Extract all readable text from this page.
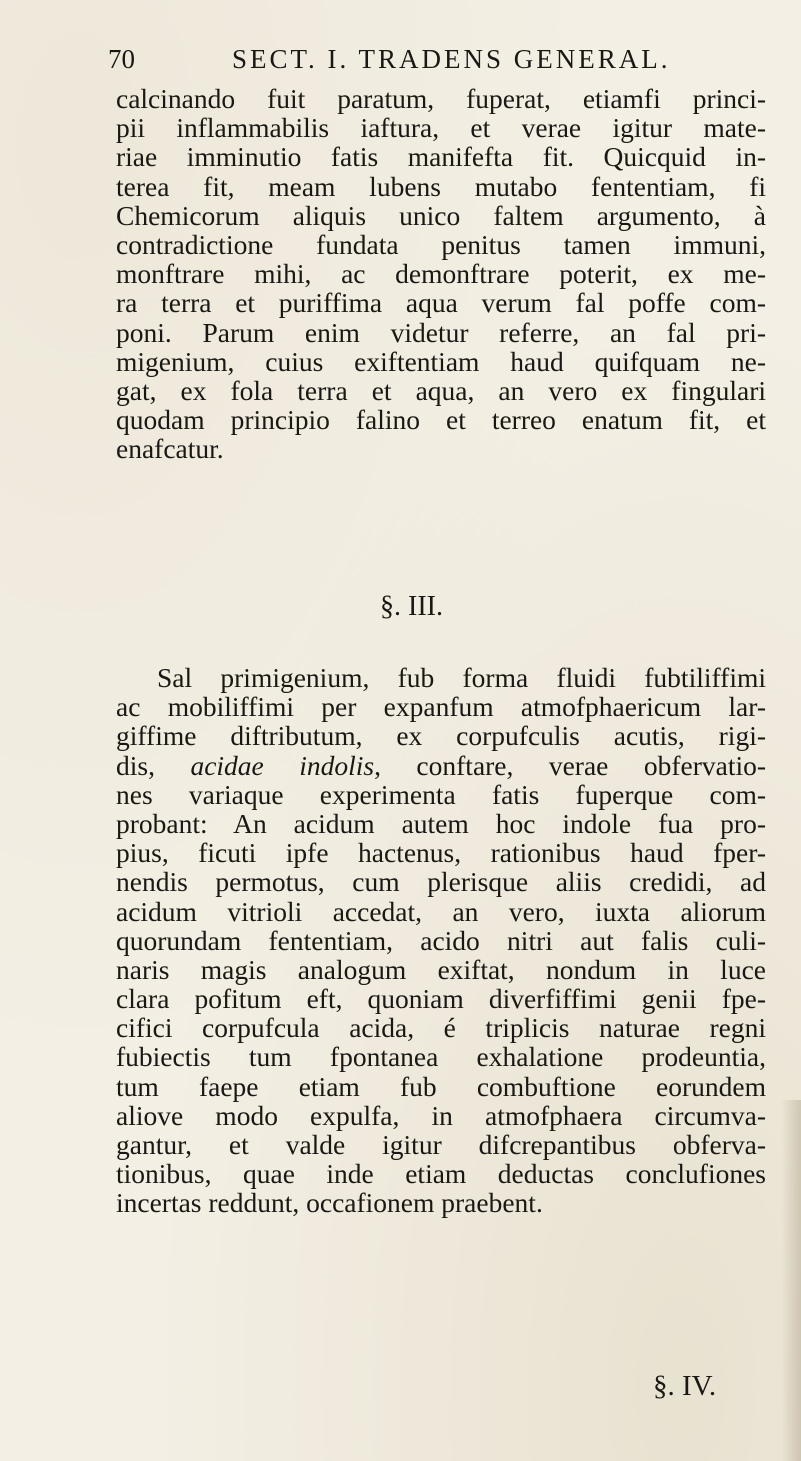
70	SECT. I. TRADENS GENERAL.
calcinando fuit paratum, fuperat, etiamfi princi-
pii inflammabilis iaftura, et verae igitur mate-
riae imminutio fatis manifefta fit. Quicquid in-
terea fit, meam lubens mutabo fententiam, fi
Chemicorum aliquis unico faltem argumento, à
contradictione fundata penitus tamen immuni,
monftrare mihi, ac demonftrare poterit, ex me-
ra terra et puriffima aqua verum fal poffe com-
poni. Parum enim videtur referre, an fal pri-
migenium, cuius exiftentiam haud quifquam ne-
gat, ex fola terra et aqua, an vero ex fingulari
quodam principio falino et terreo enatum fit, et
enafcatur.
§. III.
Sal primigenium, fub forma fluidi fubtiliffimi
ac mobiliffimi per expanfum atmofphaericum lar-
giffime diftributum, ex corpufculis acutis, rigi-
dis, acidae indolis, conftare, verae obfervatio-
nes variaque experimenta fatis fuperque com-
probant: An acidum autem hoc indole fua pro-
pius, ficuti ipfe hactenus, rationibus haud fper-
nendis permotus, cum plerisque aliis credidi, ad
acidum vitrioli accedat, an vero, iuxta aliorum
quorundam fententiam, acido nitri aut falis culi-
naris magis analogum exiftat, nondum in luce
clara pofitum eft, quoniam diverfiffimi genii fpe-
cifici corpufcula acida, é triplicis naturae regni
fubiectis tum fpontanea exhalatione prodeuntia,
tum faepe etiam fub combuftione eorundem
aliove modo expulfa, in atmofphaera circumva-
gantur, et valde igitur difcrepantibus obferva-
tionibus, quae inde etiam deductas conclufiones
incertas reddunt, occafionem praebent.
§. IV.
